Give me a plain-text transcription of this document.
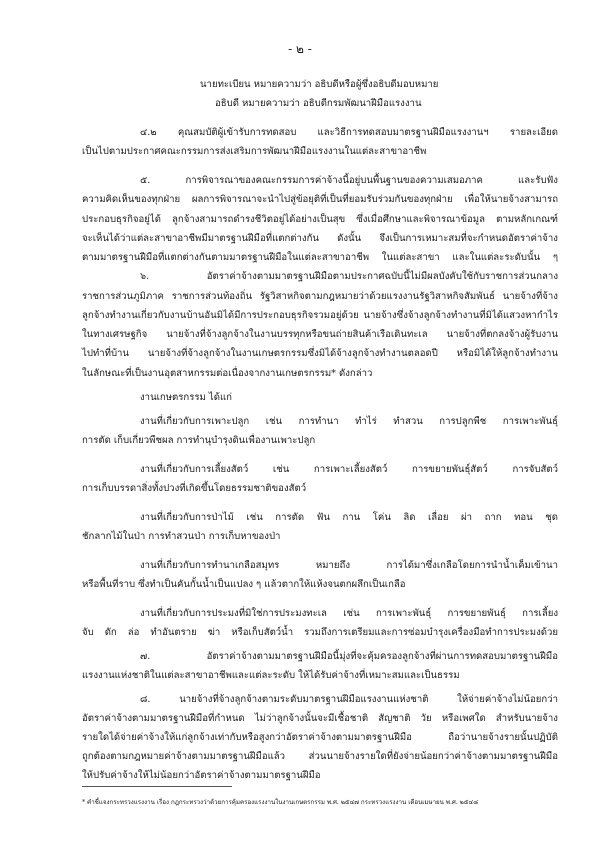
- ๒ -
นายทะเบียน หมายความว่า อธิบดีหรือผู้ซึ่งอธิบดีมอบหมาย
อธิบดี หมายความว่า อธิบดีกรมพัฒนาฝีมือแรงงาน
๔.๒ คุณสมบัติผู้เข้ารับการทดสอบ และวิธีการทดสอบมาตรฐานฝีมือแรงงานฯ รายละเอียด
เป็นไปตามประกาศคณะกรรมการส่งเสริมการพัฒนาฝีมือแรงงานในแต่ละสาขาอาชีพ
๕. การพิจารณาของคณะกรรมการค่าจ้างนี้อยู่บนพื้นฐานของความเสมอภาค และรับฟัง
ความคิดเห็นของทุกฝ่าย ผลการพิจารณาจะนำไปสู่ข้อยุติที่เป็นที่ยอมรับร่วมกันของทุกฝ่าย เพื่อให้นายจ้างสามารถ
ประกอบธุรกิจอยู่ได้ ลูกจ้างสามารถดำรงชีวิตอยู่ได้อย่างเป็นสุข ซึ่งเมื่อศึกษาและพิจารณาข้อมูล ตามหลักเกณฑ์
จะเห็นได้ว่าแต่ละสาขาอาชีพมีมาตรฐานฝีมือที่แตกต่างกัน ดังนั้น จึงเป็นการเหมาะสมที่จะกำหนดอัตราค่าจ้าง
ตามมาตรฐานฝีมือที่แตกต่างกันตามมาตรฐานฝีมือในแต่ละสาขาอาชีพ ในแต่ละสาขา และในแต่ละระดับนั้น ๆ
๖. อัตราค่าจ้างตามมาตรฐานฝีมือตามประกาศฉบับนี้ไม่มีผลบังคับใช้กับราชการส่วนกลาง
ราชการส่วนภูมิภาค ราชการส่วนท้องถิ่น รัฐวิสาหกิจตามกฎหมายว่าด้วยแรงงานรัฐวิสาหกิจสัมพันธ์ นายจ้างที่จ้าง
ลูกจ้างทำงานเกี่ยวกับงานบ้านอันมิได้มีการประกอบธุรกิจรวมอยู่ด้วย นายจ้างซึ่งจ้างลูกจ้างทำงานที่มิได้แสวงหากำไร
ในทางเศรษฐกิจ นายจ้างที่จ้างลูกจ้างในงานบรรทุกหรือขนถ่ายสินค้าเรือเดินทะเล นายจ้างที่ตกลงจ้างผู้รับงาน
ไปทำที่บ้าน นายจ้างที่จ้างลูกจ้างในงานเกษตรกรรมซึ่งมิได้จ้างลูกจ้างทำงานตลอดปี หรือมิได้ให้ลูกจ้างทำงาน
ในลักษณะที่เป็นงานอุตสาหกรรมต่อเนื่องจากงานเกษตรกรรม* ดังกล่าว
งานเกษตรกรรม ได้แก่
งานที่เกี่ยวกับการเพาะปลูก เช่น การทำนา ทำไร่ ทำสวน การปลูกพืช การเพาะพันธุ์
การตัด เก็บเกี่ยวพืชผล การทำนุบำรุงดินเพื่องานเพาะปลูก
งานที่เกี่ยวกับการเลี้ยงสัตว์ เช่น การเพาะเลี้ยงสัตว์ การขยายพันธุ์สัตว์ การจับสัตว์
การเก็บบรรดาสิ่งทั้งปวงที่เกิดขึ้นโดยธรรมชาติของสัตว์
งานที่เกี่ยวกับการป่าไม้ เช่น การตัด ฟัน กาน โค่น ลิด เลื่อย ผ่า ถาก ทอน ชุด
ชักลากไม้ในป่า การทำสวนป่า การเก็บหาของป่า
งานที่เกี่ยวกับการทำนาเกลือสมุทร หมายถึง การได้มาซึ่งเกลือโดยการนำน้ำเค็มเข้านา
หรือพื้นที่ราบ ซึ่งทำเป็นคันกั้นน้ำเป็นแปลง ๆ แล้วตากให้แห้งจนตกผลึกเป็นเกลือ
งานที่เกี่ยวกับการประมงที่มิใช่การประมงทะเล เช่น การเพาะพันธุ์ การขยายพันธุ์ การเลี้ยง
จับ ดัก ล่อ ทำอันตราย ฆ่า หรือเก็บสัตว์น้ำ รวมถึงการเตรียมและการซ่อมบำรุงเครื่องมือทำการประมงด้วย
๗. อัตราค่าจ้างตามมาตรฐานฝีมือนี้มุ่งที่จะคุ้มครองลูกจ้างที่ผ่านการทดสอบมาตรฐานฝีมือ
แรงงานแห่งชาติในแต่ละสาขาอาชีพและแต่ละระดับ ให้ได้รับค่าจ้างที่เหมาะสมและเป็นธรรม
๘. นายจ้างที่จ้างลูกจ้างตามระดับมาตรฐานฝีมือแรงงานแห่งชาติ ให้จ่ายค่าจ้างไม่น้อยกว่า
อัตราค่าจ้างตามมาตรฐานฝีมือที่กำหนด ไม่ว่าลูกจ้างนั้นจะมีเชื้อชาติ สัญชาติ วัย หรือเพศใด สำหรับนายจ้าง
รายใดได้จ่ายค่าจ้างให้แก่ลูกจ้างเท่ากับหรือสูงกว่าอัตราค่าจ้างตามมาตรฐานฝีมือ ถือว่านายจ้างรายนั้นปฏิบัติ
ถูกต้องตามกฎหมายค่าจ้างตามมาตรฐานฝีมือแล้ว ส่วนนายจ้างรายใดที่ยังจ่ายน้อยกว่าค่าจ้างตามมาตรฐานฝีมือ
ให้ปรับค่าจ้างให้ไม่น้อยกว่าอัตราค่าจ้างตามมาตรฐานฝีมือ
* คำชี้แจงกระทรวงแรงงาน เรื่อง กฎกระทรวงว่าด้วยการคุ้มครองแรงงานในงานเกษตรกรรม พ.ศ. ๒๕๔๗ กระทรวงแรงงาน เดือนเมษายน พ.ศ. ๒๕๔๘
